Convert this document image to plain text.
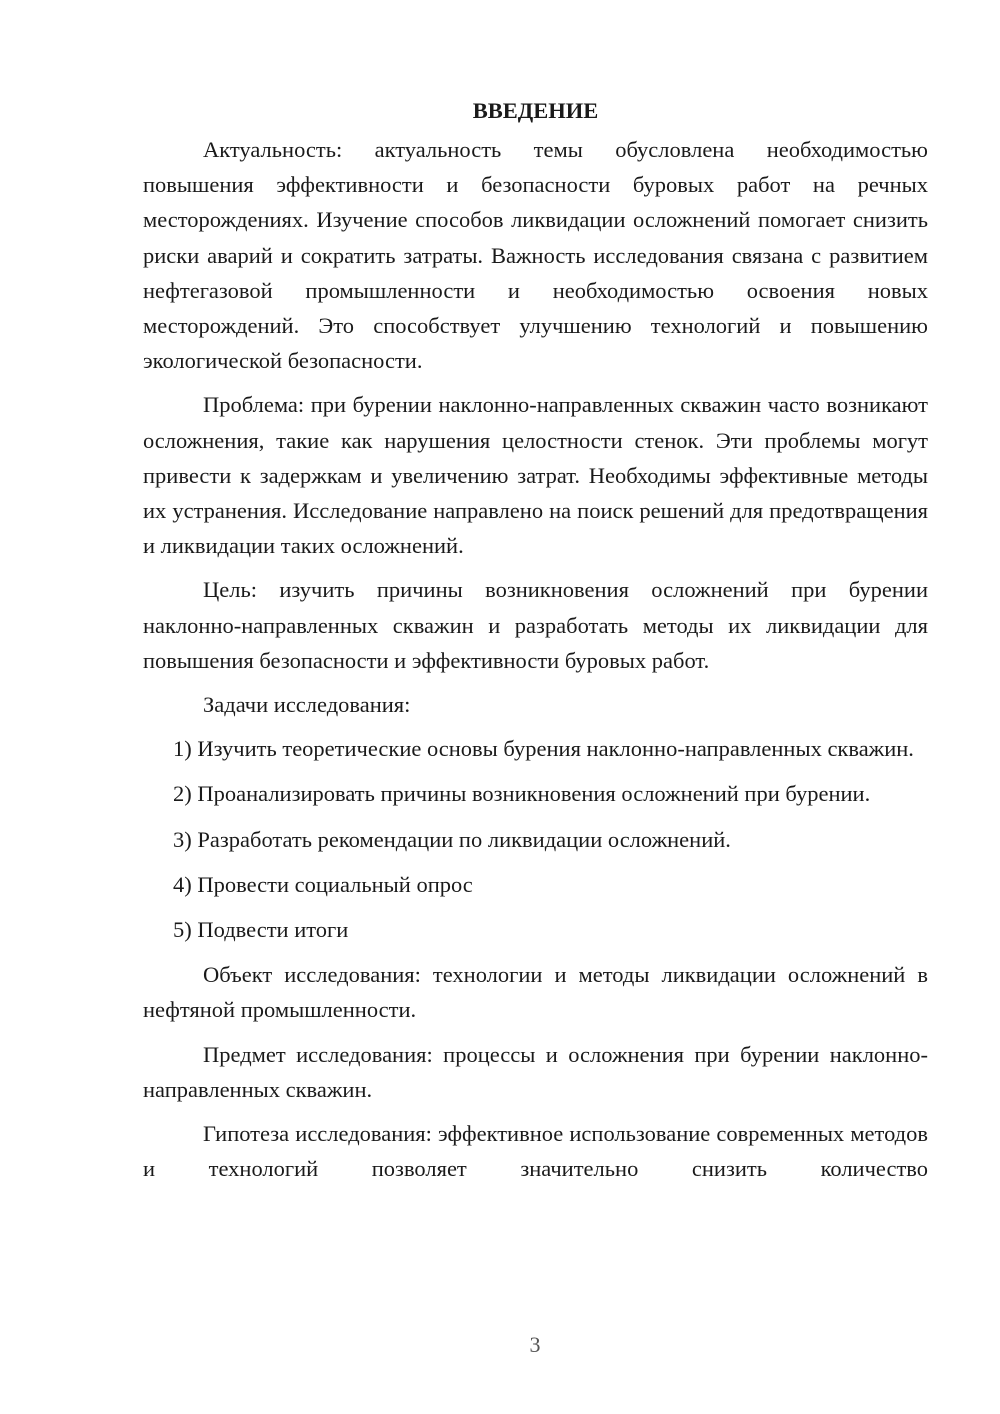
ВВЕДЕНИЕ

Актуальность: актуальность темы обусловлена необходимостью повышения эффективности и безопасности буровых работ на речных месторождениях. Изучение способов ликвидации осложнений помогает снизить риски аварий и сократить затраты. Важность исследования связана с развитием нефтегазовой промышленности и необходимостью освоения новых месторождений. Это способствует улучшению технологий и повышению экологической безопасности.

Проблема: при бурении наклонно-направленных скважин часто возникают осложнения, такие как нарушения целостности стенок. Эти проблемы могут привести к задержкам и увеличению затрат. Необходимы эффективные методы их устранения. Исследование направлено на поиск решений для предотвращения и ликвидации таких осложнений.

Цель: изучить причины возникновения осложнений при бурении наклонно-направленных скважин и разработать методы их ликвидации для повышения безопасности и эффективности буровых работ.

Задачи исследования:

1) Изучить теоретические основы бурения наклонно-направленных скважин.

2) Проанализировать причины возникновения осложнений при бурении.

3) Разработать рекомендации по ликвидации осложнений.

4) Провести социальный опрос

5) Подвести итоги

Объект исследования: технологии и методы ликвидации осложнений в нефтяной промышленности.

Предмет исследования: процессы и осложнения при бурении наклонно-направленных скважин.

Гипотеза исследования: эффективное использование современных методов и технологий позволяет значительно снизить количество

3
